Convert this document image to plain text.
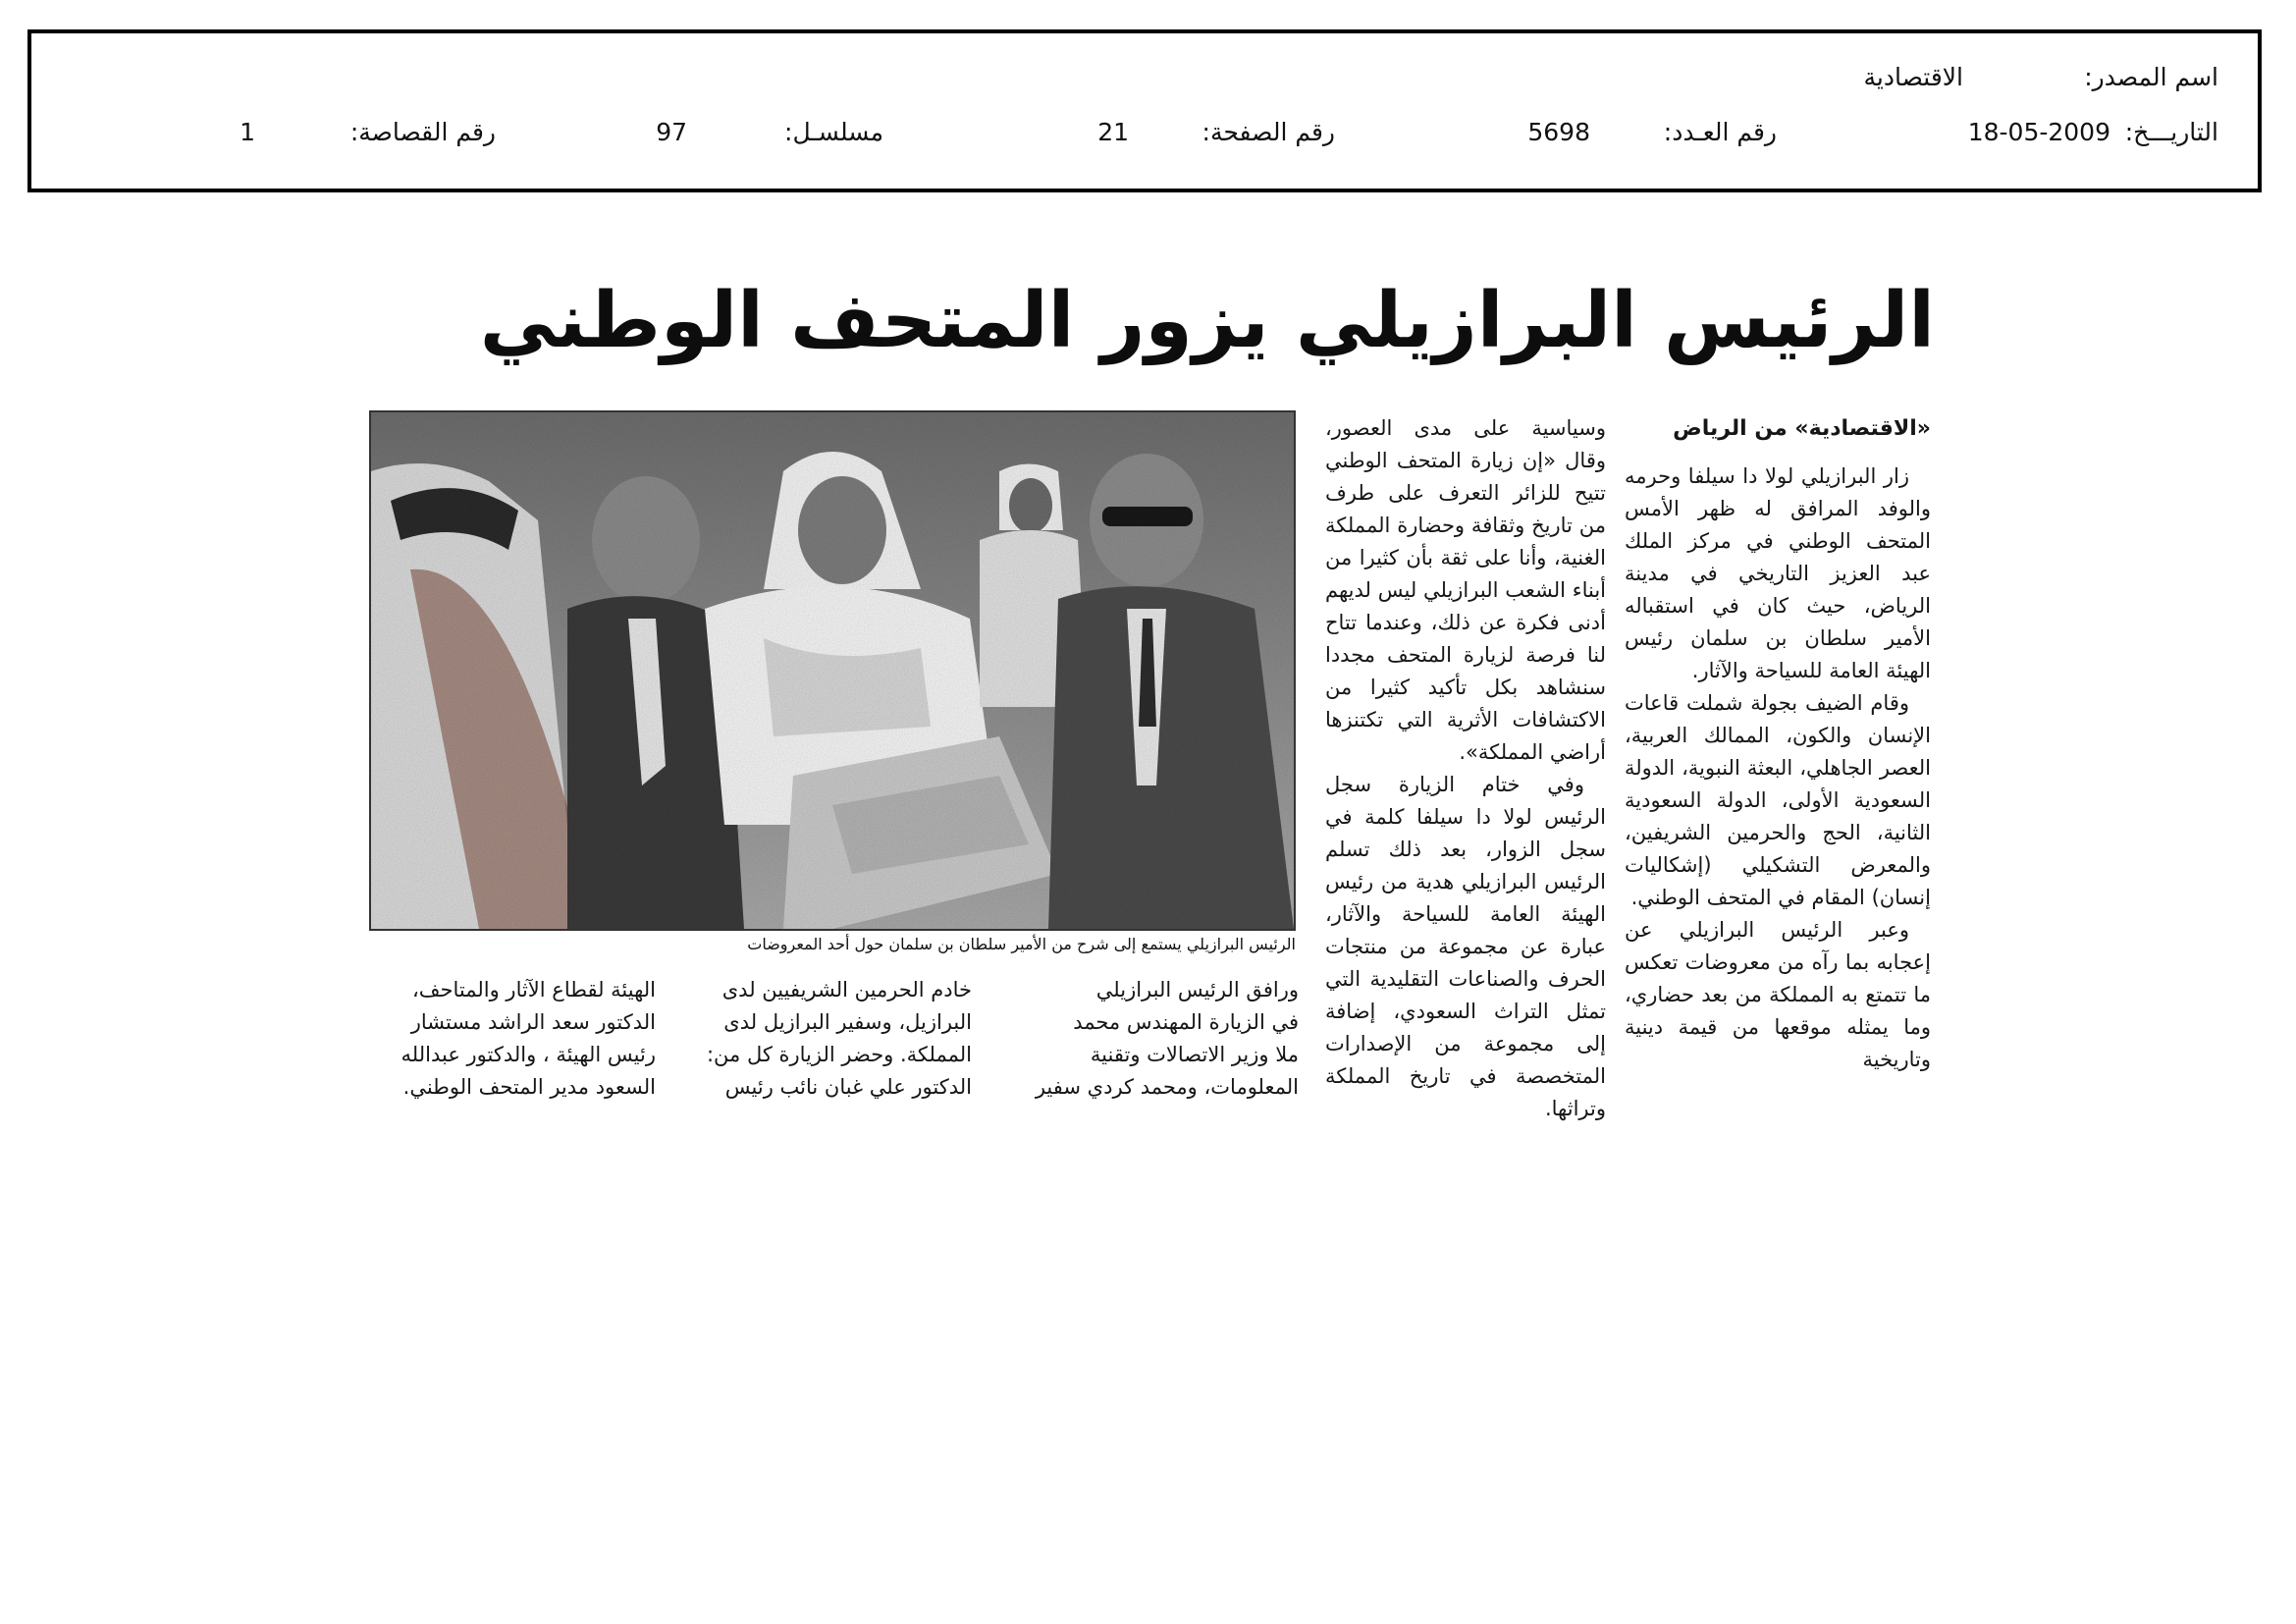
اسم المصدر:
الاقتصادية
التاريـــخ:
18-05-2009
رقم العـدد:
5698
رقم الصفحة:
21
مسلسـل:
97
رقم القصاصة:
1
الرئيس البرازيلي يزور المتحف الوطني

«الاقتصادية» من الرياض

زار البرازيلي لولا دا سيلفا وحرمه والوفد المرافق له ظهر الأمس المتحف الوطني في مركز الملك عبد العزيز التاريخي في مدينة الرياض، حيث كان في استقباله الأمير سلطان بن سلمان رئيس الهيئة العامة للسياحة والآثار.

وقام الضيف بجولة شملت قاعات الإنسان والكون، الممالك العربية، العصر الجاهلي، البعثة النبوية، الدولة السعودية الأولى، الدولة السعودية الثانية، الحج والحرمين الشريفين، والمعرض التشكيلي (إشكاليات إنسان) المقام في المتحف الوطني.

وعبر الرئيس البرازيلي عن إعجابه بما رآه من معروضات تعكس ما تتمتع به المملكة من بعد حضاري، وما يمثله موقعها من قيمة دينية وتاريخية

وسياسية على مدى العصور، وقال «إن زيارة المتحف الوطني تتيح للزائر التعرف على طرف من تاريخ وثقافة وحضارة المملكة الغنية، وأنا على ثقة بأن كثيرا من أبناء الشعب البرازيلي ليس لديهم أدنى فكرة عن ذلك، وعندما تتاح لنا فرصة لزيارة المتحف مجددا سنشاهد بكل تأكيد كثيرا من الاكتشافات الأثرية التي تكتنزها أراضي المملكة».

وفي ختام الزيارة سجل الرئيس لولا دا سيلفا كلمة في سجل الزوار، بعد ذلك تسلم الرئيس البرازيلي هدية من رئيس الهيئة العامة للسياحة والآثار، عبارة عن مجموعة من منتجات الحرف والصناعات التقليدية التي تمثل التراث السعودي، إضافة إلى مجموعة من الإصدارات المتخصصة في تاريخ المملكة وتراثها.

الرئيس البرازيلي يستمع إلى شرح من الأمير سلطان بن سلمان حول أحد المعروضات
ورافق الرئيس البرازيلي
في الزيارة المهندس محمد
ملا وزير الاتصالات وتقنية
المعلومات، ومحمد كردي سفير
خادم الحرمين الشريفيين لدى
البرازيل، وسفير البرازيل لدى
المملكة. وحضر الزيارة كل من:
الدكتور علي غبان نائب رئيس
الهيئة لقطاع الآثار والمتاحف،
الدكتور سعد الراشد مستشار
رئيس الهيئة ، والدكتور عبدالله
السعود مدير المتحف الوطني.
